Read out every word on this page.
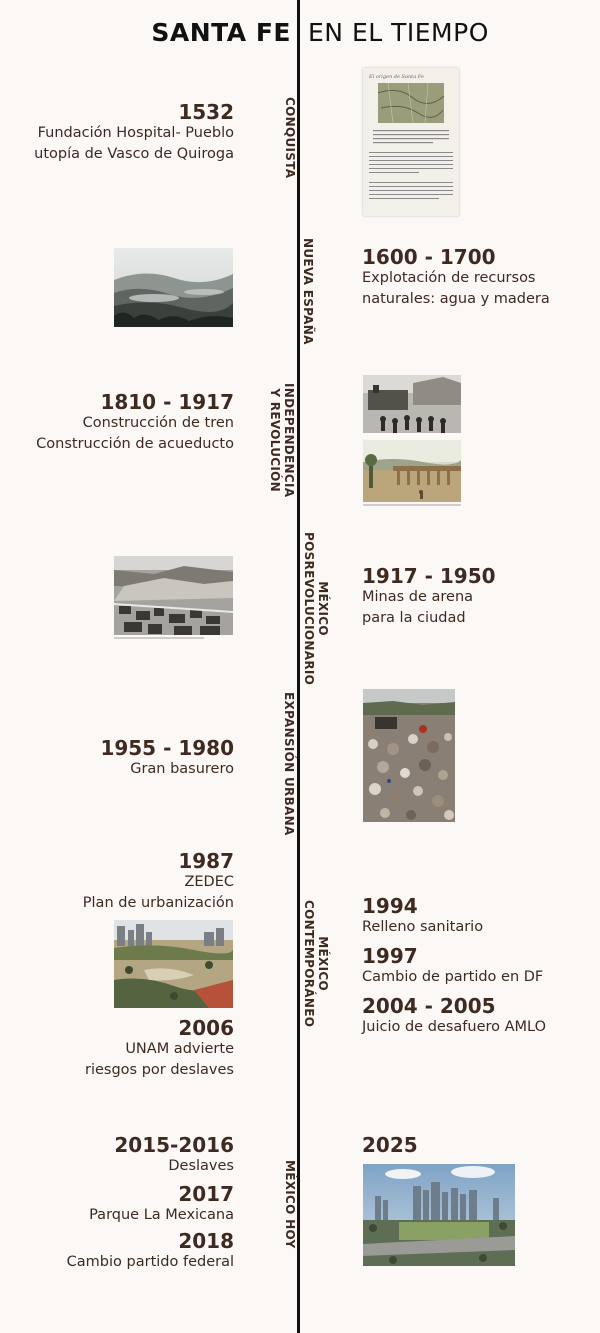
SANTA FE EN EL TIEMPO
CONQUISTA
NUEVA ESPAÑA
INDEPENDENCIA
Y REVOLUCIÓN
MÉXICO
POSREVOLUCIONARIO
EXPANSIÓN URBANA
MÉXICO
CONTEMPORÁNEO
MÉXICO HOY
1532
Fundación Hospital- Pueblo
utopía de Vasco de Quiroga
El origen de Santa Fe
1600 - 1700
Explotación de recursos
naturales: agua y madera
1810 - 1917
Construcción de tren
Construcción de acueducto
1917 - 1950
Minas de arena
para la ciudad
1955 - 1980
Gran basurero
1987
ZEDEC
Plan de urbanización
2006
UNAM advierte
riesgos por deslaves
1994
Relleno sanitario
1997
Cambio de partido en DF
2004 - 2005
Juicio de desafuero AMLO
2015-2016
Deslaves
2017
Parque La Mexicana
2018
Cambio partido federal
2025
